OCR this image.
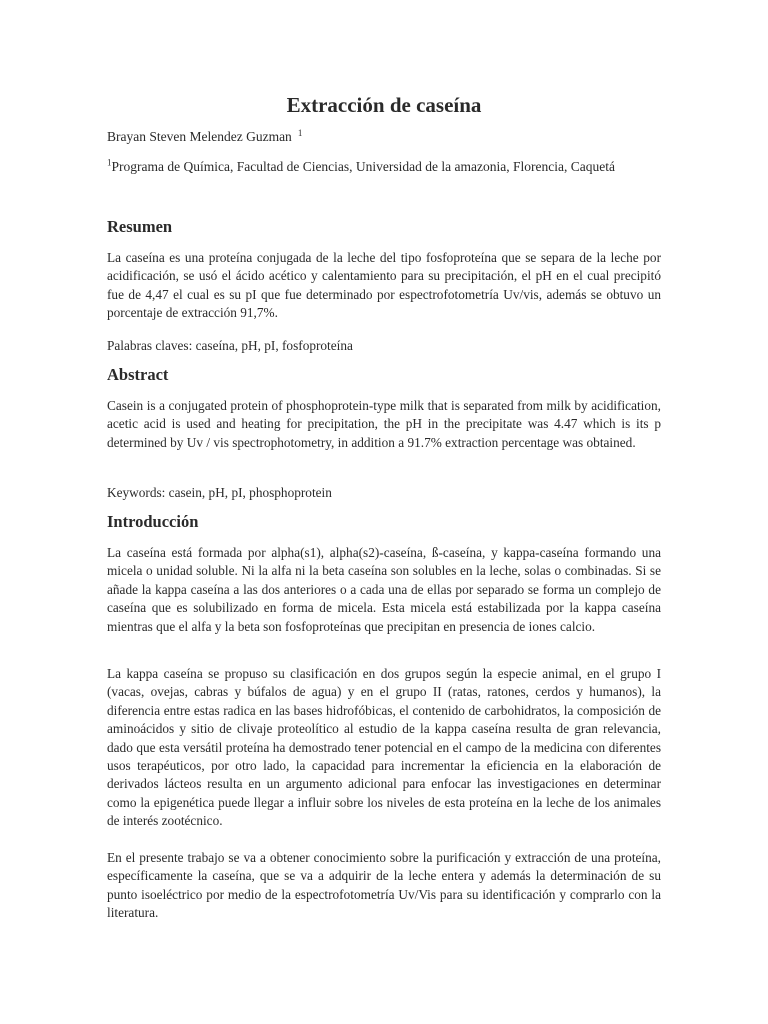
Extracción de caseína

Brayan Steven Melendez Guzman $^1$

$^1$Programa de Química, Facultad de Ciencias, Universidad de la amazonia, Florencia, Caquetá

Resumen

La caseína es una proteína conjugada de la leche del tipo fosfoproteína que se separa de la leche por acidificación, se usó el ácido acético y calentamiento para su precipitación, el pH en el cual precipitó fue de 4,47 el cual es su pI que fue determinado por espectrofotometría Uv/vis, además se obtuvo un porcentaje de extracción 91,7%.

Palabras claves: caseína, pH, pI, fosfoproteína

Abstract

Casein is a conjugated protein of phosphoprotein-type milk that is separated from milk by acidification, acetic acid is used and heating for precipitation, the pH in the precipitate was 4.47 which is its p determined by Uv / vis spectrophotometry, in addition a 91.7% extraction percentage was obtained.

Keywords: casein, pH, pI, phosphoprotein

Introducción

La caseína está formada por alpha(s1), alpha(s2)-caseína, ß-caseína, y kappa-caseína formando una micela o unidad soluble. Ni la alfa ni la beta caseína son solubles en la leche, solas o combinadas. Si se añade la kappa caseína a las dos anteriores o a cada una de ellas por separado se forma un complejo de caseína que es solubilizado en forma de micela. Esta micela está estabilizada por la kappa caseína mientras que el alfa y la beta son fosfoproteínas que precipitan en presencia de iones calcio.

La kappa caseína se propuso su clasificación en dos grupos según la especie animal, en el grupo I (vacas, ovejas, cabras y búfalos de agua) y en el grupo II (ratas, ratones, cerdos y humanos), la diferencia entre estas radica en las bases hidrofóbicas, el contenido de carbohidratos, la composición de aminoácidos y sitio de clivaje proteolítico al estudio de la kappa caseína resulta de gran relevancia, dado que esta versátil proteína ha demostrado tener potencial en el campo de la medicina con diferentes usos terapéuticos, por otro lado, la capacidad para incrementar la eficiencia en la elaboración de derivados lácteos resulta en un argumento adicional para enfocar las investigaciones en determinar como la epigenética puede llegar a influir sobre los niveles de esta proteína en la leche de los animales de interés zootécnico.

En el presente trabajo se va a obtener conocimiento sobre la purificación y extracción de una proteína, específicamente la caseína, que se va a adquirir de la leche entera y además la determinación de su punto isoeléctrico por medio de la espectrofotometría Uv/Vis para su identificación y comprarlo con la literatura.
